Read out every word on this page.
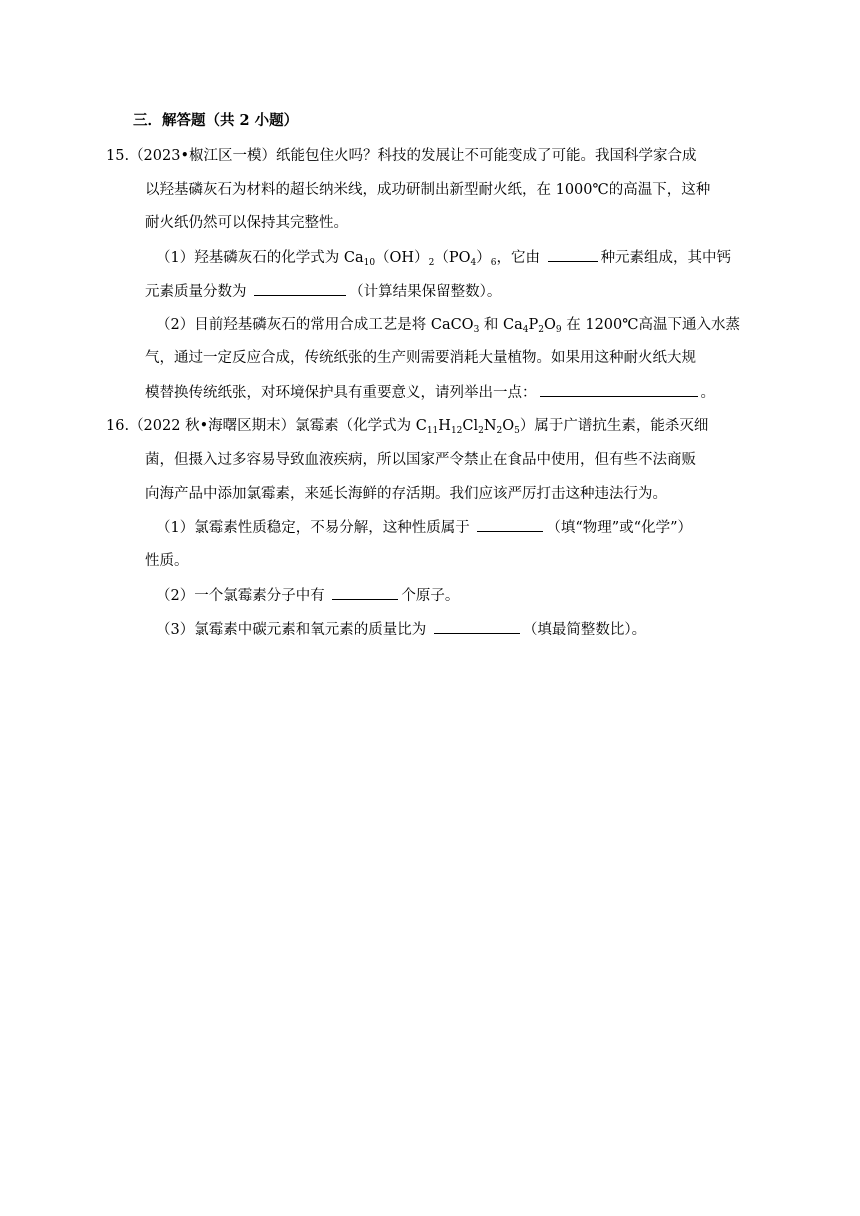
三．解答题（共 2 小题）
15.（2023•椒江区一模）纸能包住火吗？科技的发展让不可能变成了可能。我国科学家合成
以羟基磷灰石为材料的超长纳米线，成功研制出新型耐火纸，在 1000℃的高温下，这种
耐火纸仍然可以保持其完整性。
（1）羟基磷灰石的化学式为 $Ca_{10}(OH)_2(PO_4)_6$，它由	种元素组成，其中钙
元素质量分数为	（计算结果保留整数）。
（2）目前羟基磷灰石的常用合成工艺是将 CaCO$_3$ 和 $Ca_4P_2O_9$ 在 1200℃高温下通入水蒸
气，通过一定反应合成，传统纸张的生产则需要消耗大量植物。如果用这种耐火纸大规
模替换传统纸张，对环境保护具有重要意义，请列举出一点：	。
16.（2022 秋•海曙区期末）氯霉素（化学式为 $C_{11}H_{12}Cl_2N_2O_5$）属于广谱抗生素，能杀灭细
菌，但摄入过多容易导致血液疾病，所以国家严令禁止在食品中使用，但有些不法商贩
向海产品中添加氯霉素，来延长海鲜的存活期。我们应该严厉打击这种违法行为。
（1）氯霉素性质稳定，不易分解，这种性质属于	（填“物理”或“化学”）
性质。
（2）一个氯霉素分子中有	个原子。
（3）氯霉素中碳元素和氧元素的质量比为	（填最简整数比）。
